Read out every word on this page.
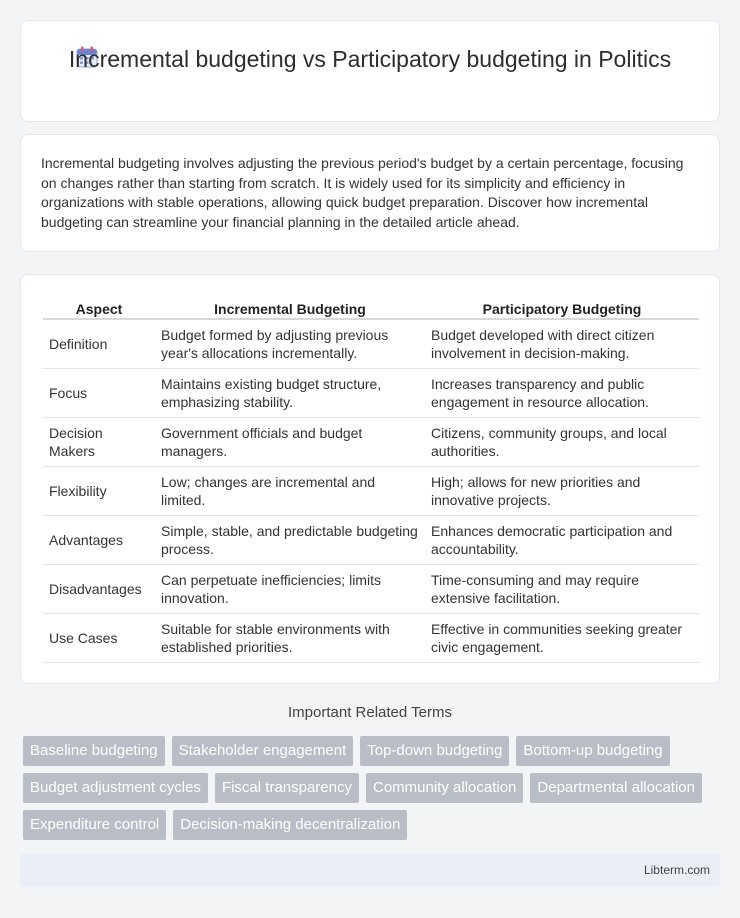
Incremental budgeting vs Participatory budgeting in Politics

Incremental budgeting involves adjusting the previous period's budget by a certain percentage, focusing on changes rather than starting from scratch. It is widely used for its simplicity and efficiency in organizations with stable operations, allowing quick budget preparation. Discover how incremental budgeting can streamline your financial planning in the detailed article ahead.

Aspect	Incremental Budgeting	Participatory Budgeting
Definition	Budget formed by adjusting previous year's allocations incrementally.	Budget developed with direct citizen involvement in decision-making.
Focus	Maintains existing budget structure, emphasizing stability.	Increases transparency and public engagement in resource allocation.
Decision Makers	Government officials and budget managers.	Citizens, community groups, and local authorities.
Flexibility	Low; changes are incremental and limited.	High; allows for new priorities and innovative projects.
Advantages	Simple, stable, and predictable budgeting process.	Enhances democratic participation and accountability.
Disadvantages	Can perpetuate inefficiencies; limits innovation.	Time-consuming and may require extensive facilitation.
Use Cases	Suitable for stable environments with established priorities.	Effective in communities seeking greater civic engagement.
Important Related Terms
Baseline budgeting	Stakeholder engagement	Top-down budgeting	Bottom-up budgeting
Budget adjustment cycles	Fiscal transparency	Community allocation	Departmental allocation
Expenditure control	Decision-making decentralization
Libterm.com
